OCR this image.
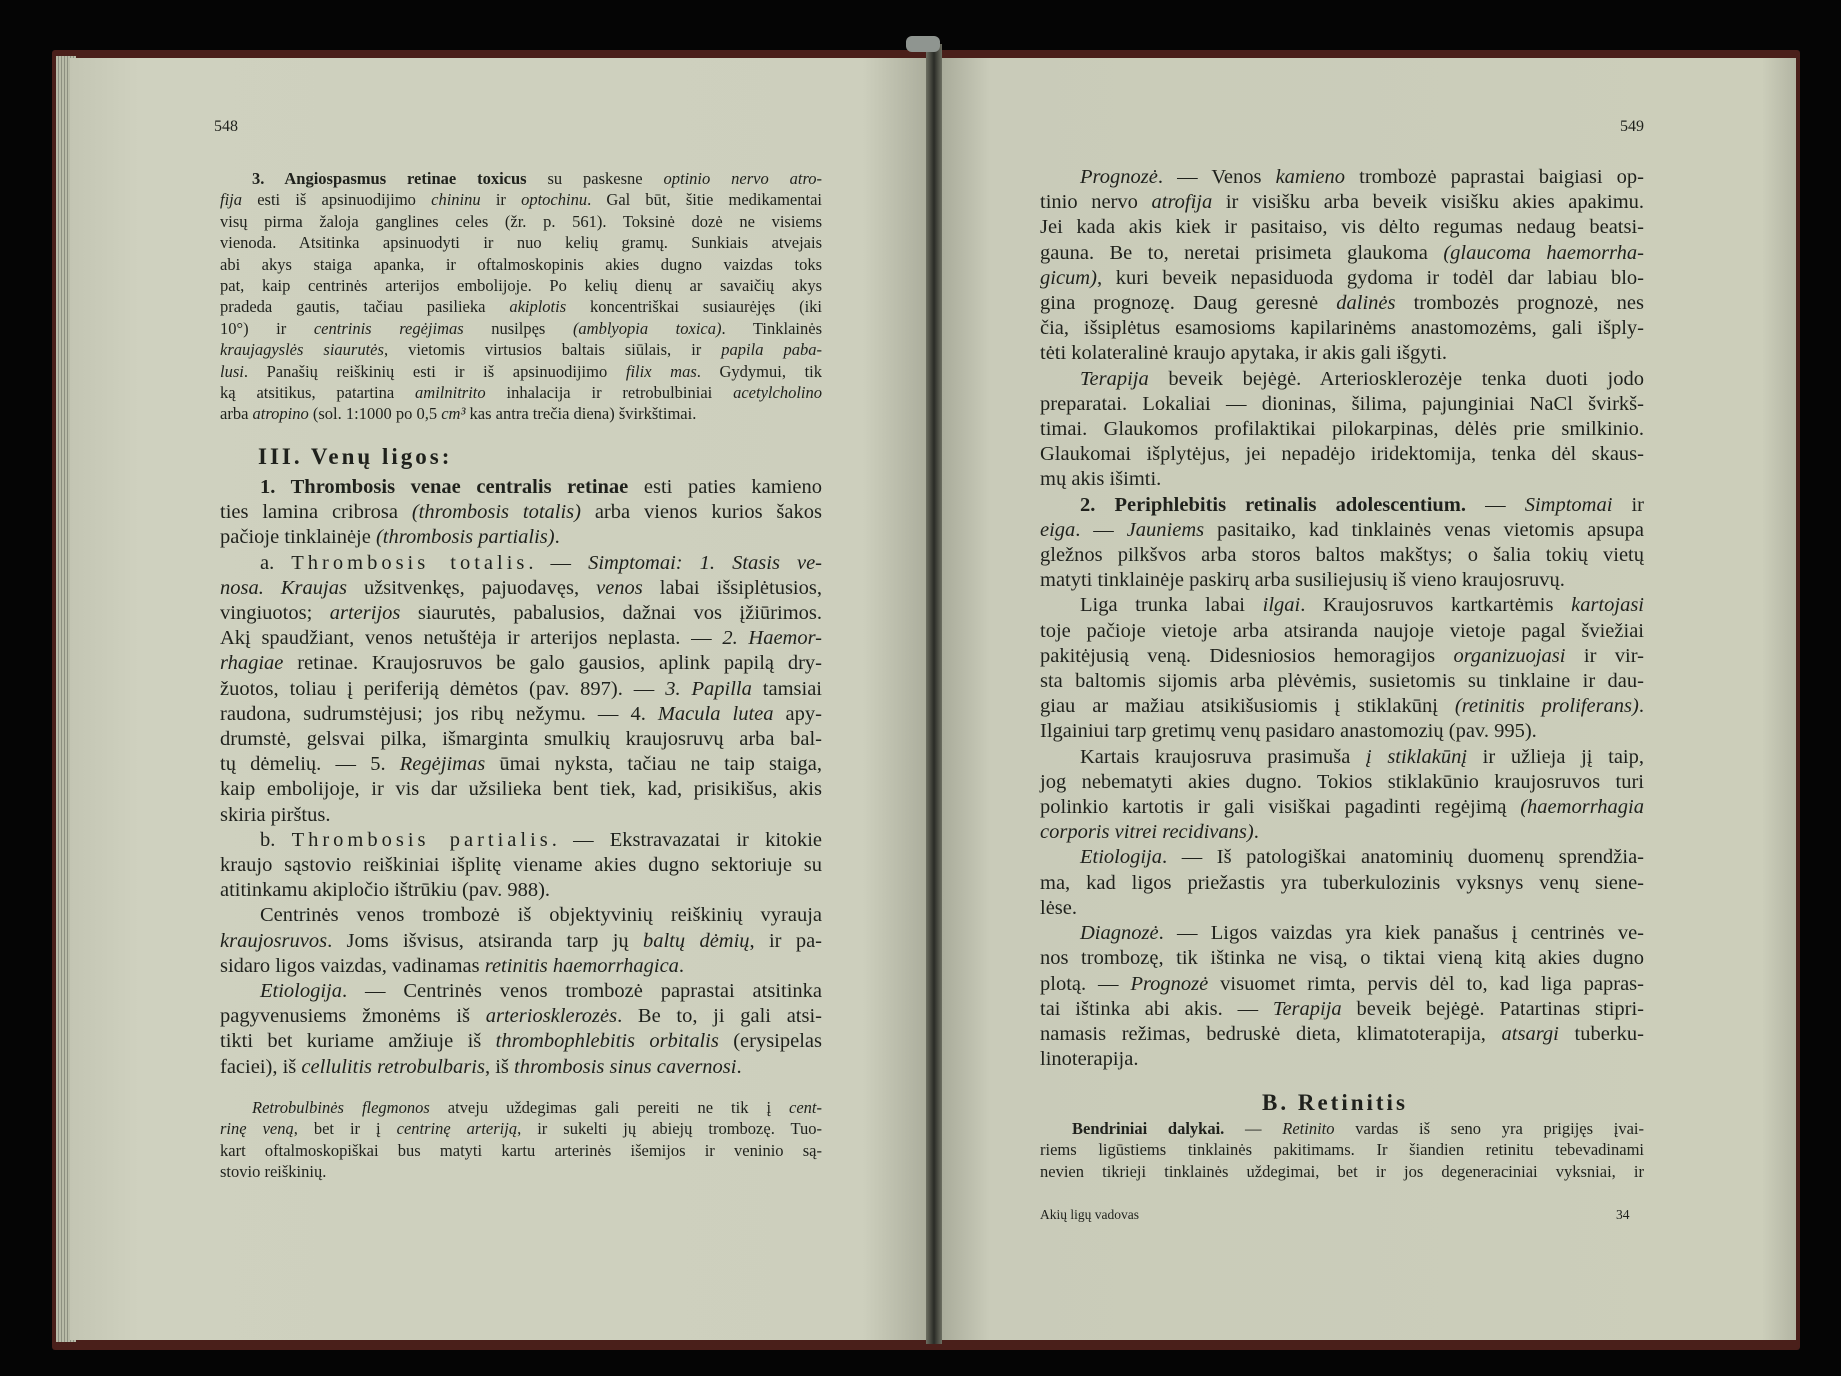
548	549
3. Angiospasmus retinae toxicus su paskesne optinio nervo atro-
fija esti iš apsinuodijimo chininu ir optochinu. Gal būt, šitie medikamentai
visų pirma žaloja ganglines celes (žr. p. 561). Toksinė dozė ne visiems
vienoda. Atsitinka apsinuodyti ir nuo kelių gramų. Sunkiais atvejais
abi akys staiga apanka, ir oftalmoskopinis akies dugno vaizdas toks
pat, kaip centrinės arterijos embolijoje. Po kelių dienų ar savaičių akys
pradeda gautis, tačiau pasilieka akiplotis koncentriškai susiaurėjęs (iki
10°) ir centrinis regėjimas nusilpęs (amblyopia toxica). Tinklainės
kraujagyslės siaurutės, vietomis virtusios baltais siūlais, ir papila paba-
lusi. Panašių reiškinių esti ir iš apsinuodijimo filix mas. Gydymui, tik
ką atsitikus, patartina amilnitrito inhalacija ir retrobulbiniai acetylcholino
arba atropino (sol. 1:1000 po 0,5 cm³ kas antra trečia diena) švirkštimai.
III. Venų ligos:
1. Thrombosis venae centralis retinae esti paties kamieno
ties lamina cribrosa (thrombosis totalis) arba vienos kurios šakos
pačioje tinklainėje (thrombosis partialis).
a. Thrombosis totalis. — Simptomai: 1. Stasis ve-
nosa. Kraujas užsitvenkęs, pajuodavęs, venos labai išsiplėtusios,
vingiuotos; arterijos siaurutės, pabalusios, dažnai vos įžiūrimos.
Akį spaudžiant, venos netuštėja ir arterijos neplasta. — 2. Haemor-
rhagiae retinae. Kraujosruvos be galo gausios, aplink papilą dry-
žuotos, toliau į periferiją dėmėtos (pav. 897). — 3. Papilla tamsiai
raudona, sudrumstėjusi; jos ribų nežymu. — 4. Macula lutea apy-
drumstė, gelsvai pilka, išmarginta smulkių kraujosruvų arba bal-
tų dėmelių. — 5. Regėjimas ūmai nyksta, tačiau ne taip staiga,
kaip embolijoje, ir vis dar užsilieka bent tiek, kad, prisikišus, akis
skiria pirštus.
b. Thrombosis partialis. — Ekstravazatai ir kitokie
kraujo sąstovio reiškiniai išplitę viename akies dugno sektoriuje su
atitinkamu akipločio ištrūkiu (pav. 988).
Centrinės venos trombozė iš objektyvinių reiškinių vyrauja
kraujosruvos. Joms išvisus, atsiranda tarp jų baltų dėmių, ir pa-
sidaro ligos vaizdas, vadinamas retinitis haemorrhagica.
Etiologija. — Centrinės venos trombozė paprastai atsitinka
pagyvenusiems žmonėms iš arteriosklerozės. Be to, ji gali atsi-
tikti bet kuriame amžiuje iš thrombophlebitis orbitalis (erysipelas
faciei), iš cellulitis retrobulbaris, iš thrombosis sinus cavernosi.
Retrobulbinės flegmonos atveju uždegimas gali pereiti ne tik į cent-
rinę veną, bet ir į centrinę arteriją, ir sukelti jų abiejų trombozę. Tuo-
kart oftalmoskopiškai bus matyti kartu arterinės išemijos ir veninio są-
stovio reiškinių.
Prognozė. — Venos kamieno trombozė paprastai baigiasi op-
tinio nervo atrofija ir visišku arba beveik visišku akies apakimu.
Jei kada akis kiek ir pasitaiso, vis dėlto regumas nedaug beatsi-
gauna. Be to, neretai prisimeta glaukoma (glaucoma haemorrha-
gicum), kuri beveik nepasiduoda gydoma ir todėl dar labiau blo-
gina prognozę. Daug geresnė dalinės trombozės prognozė, nes
čia, išsiplėtus esamosioms kapilarinėms anastomozėms, gali išply-
tėti kolateralinė kraujo apytaka, ir akis gali išgyti.
Terapija beveik bejėgė. Arteriosklerozėje tenka duoti jodo
preparatai. Lokaliai — dioninas, šilima, pajunginiai NaCl švirkš-
timai. Glaukomos profilaktikai pilokarpinas, dėlės prie smilkinio.
Glaukomai išplytėjus, jei nepadėjo iridektomija, tenka dėl skaus-
mų akis išimti.
2. Periphlebitis retinalis adolescentium. — Simptomai ir
eiga. — Jauniems pasitaiko, kad tinklainės venas vietomis apsupa
gležnos pilkšvos arba storos baltos makštys; o šalia tokių vietų
matyti tinklainėje paskirų arba susiliejusių iš vieno kraujosruvų.
Liga trunka labai ilgai. Kraujosruvos kartkartėmis kartojasi
toje pačioje vietoje arba atsiranda naujoje vietoje pagal šviežiai
pakitėjusią veną. Didesniosios hemoragijos organizuojasi ir vir-
sta baltomis sijomis arba plėvėmis, susietomis su tinklaine ir dau-
giau ar mažiau atsikišusiomis į stiklakūnį (retinitis proliferans).
Ilgainiui tarp gretimų venų pasidaro anastomozių (pav. 995).
Kartais kraujosruva prasimuša į stiklakūnį ir užlieja jį taip,
jog nebematyti akies dugno. Tokios stiklakūnio kraujosruvos turi
polinkio kartotis ir gali visiškai pagadinti regėjimą (haemorrhagia
corporis vitrei recidivans).
Etiologija. — Iš patologiškai anatominių duomenų sprendžia-
ma, kad ligos priežastis yra tuberkulozinis vyksnys venų siene-
lėse.
Diagnozė. — Ligos vaizdas yra kiek panašus į centrinės ve-
nos trombozę, tik ištinka ne visą, o tiktai vieną kitą akies dugno
plotą. — Prognozė visuomet rimta, pervis dėl to, kad liga papras-
tai ištinka abi akis. — Terapija beveik bejėgė. Patartinas stipri-
namasis režimas, bedruskė dieta, klimatoterapija, atsargi tuberku-
linoterapija.
B. Retinitis
Bendriniai dalykai. — Retinito vardas iš seno yra prigijęs įvai-
riems ligūstiems tinklainės pakitimams. Ir šiandien retinitu tebevadinami
nevien tikrieji tinklainės uždegimai, bet ir jos degeneraciniai vyksniai, ir
Akių ligų vadovas	34
